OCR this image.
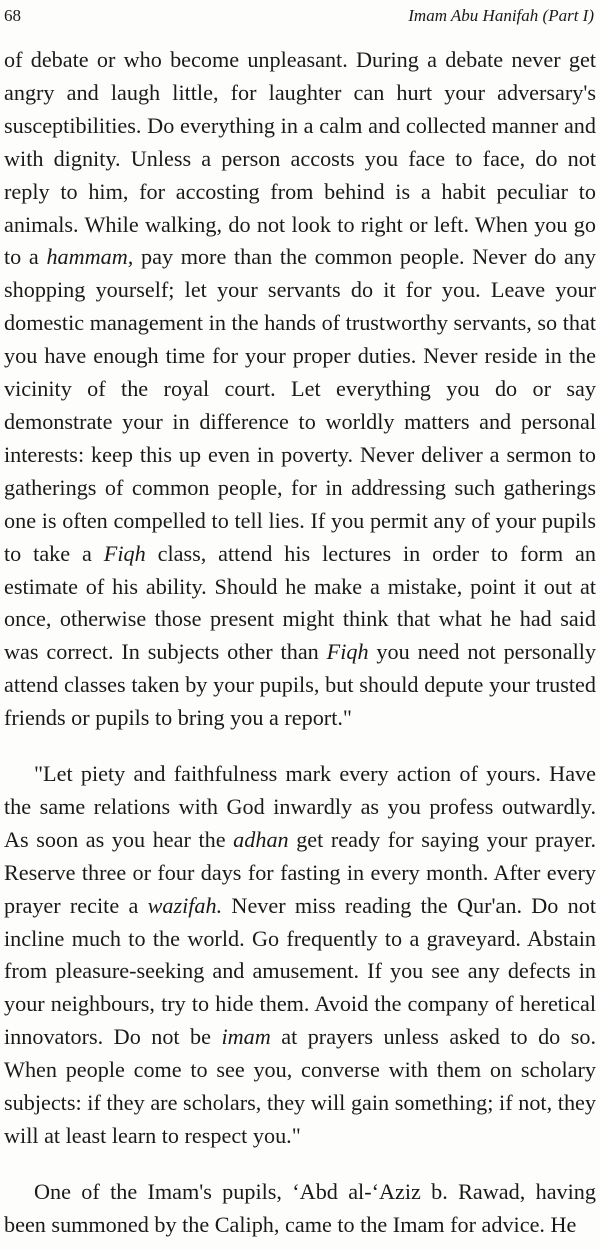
68	Imam Abu Hanifah (Part I)

of debate or who become unpleasant. During a debate never get angry and laugh little, for laughter can hurt your adversary's susceptibilities. Do everything in a calm and collected manner and with dignity. Unless a person accosts you face to face, do not reply to him, for accosting from behind is a habit peculiar to animals. While walking, do not look to right or left. When you go to a hammam, pay more than the common people. Never do any shopping yourself; let your servants do it for you. Leave your domestic management in the hands of trustworthy servants, so that you have enough time for your proper duties. Never reside in the vicinity of the royal court. Let everything you do or say demonstrate your in difference to worldly matters and personal interests: keep this up even in poverty. Never deliver a sermon to gatherings of common people, for in addressing such gatherings one is often compelled to tell lies. If you permit any of your pupils to take a Fiqh class, attend his lectures in order to form an estimate of his ability. Should he make a mistake, point it out at once, otherwise those present might think that what he had said was correct. In subjects other than Fiqh you need not personally attend classes taken by your pupils, but should depute your trusted friends or pupils to bring you a report."

"Let piety and faithfulness mark every action of yours. Have the same relations with God inwardly as you profess outwardly. As soon as you hear the adhan get ready for saying your prayer. Reserve three or four days for fasting in every month. After every prayer recite a wazifah. Never miss reading the Qur'an. Do not incline much to the world. Go frequently to a graveyard. Abstain from pleasure-seeking and amusement. If you see any defects in your neighbours, try to hide them. Avoid the company of heretical innovators. Do not be imam at prayers unless asked to do so. When people come to see you, converse with them on scholary subjects: if they are scholars, they will gain something; if not, they will at least learn to respect you."

One of the Imam's pupils, ‘Abd al-‘Aziz b. Rawad, having been summoned by the Caliph, came to the Imam for advice. He
